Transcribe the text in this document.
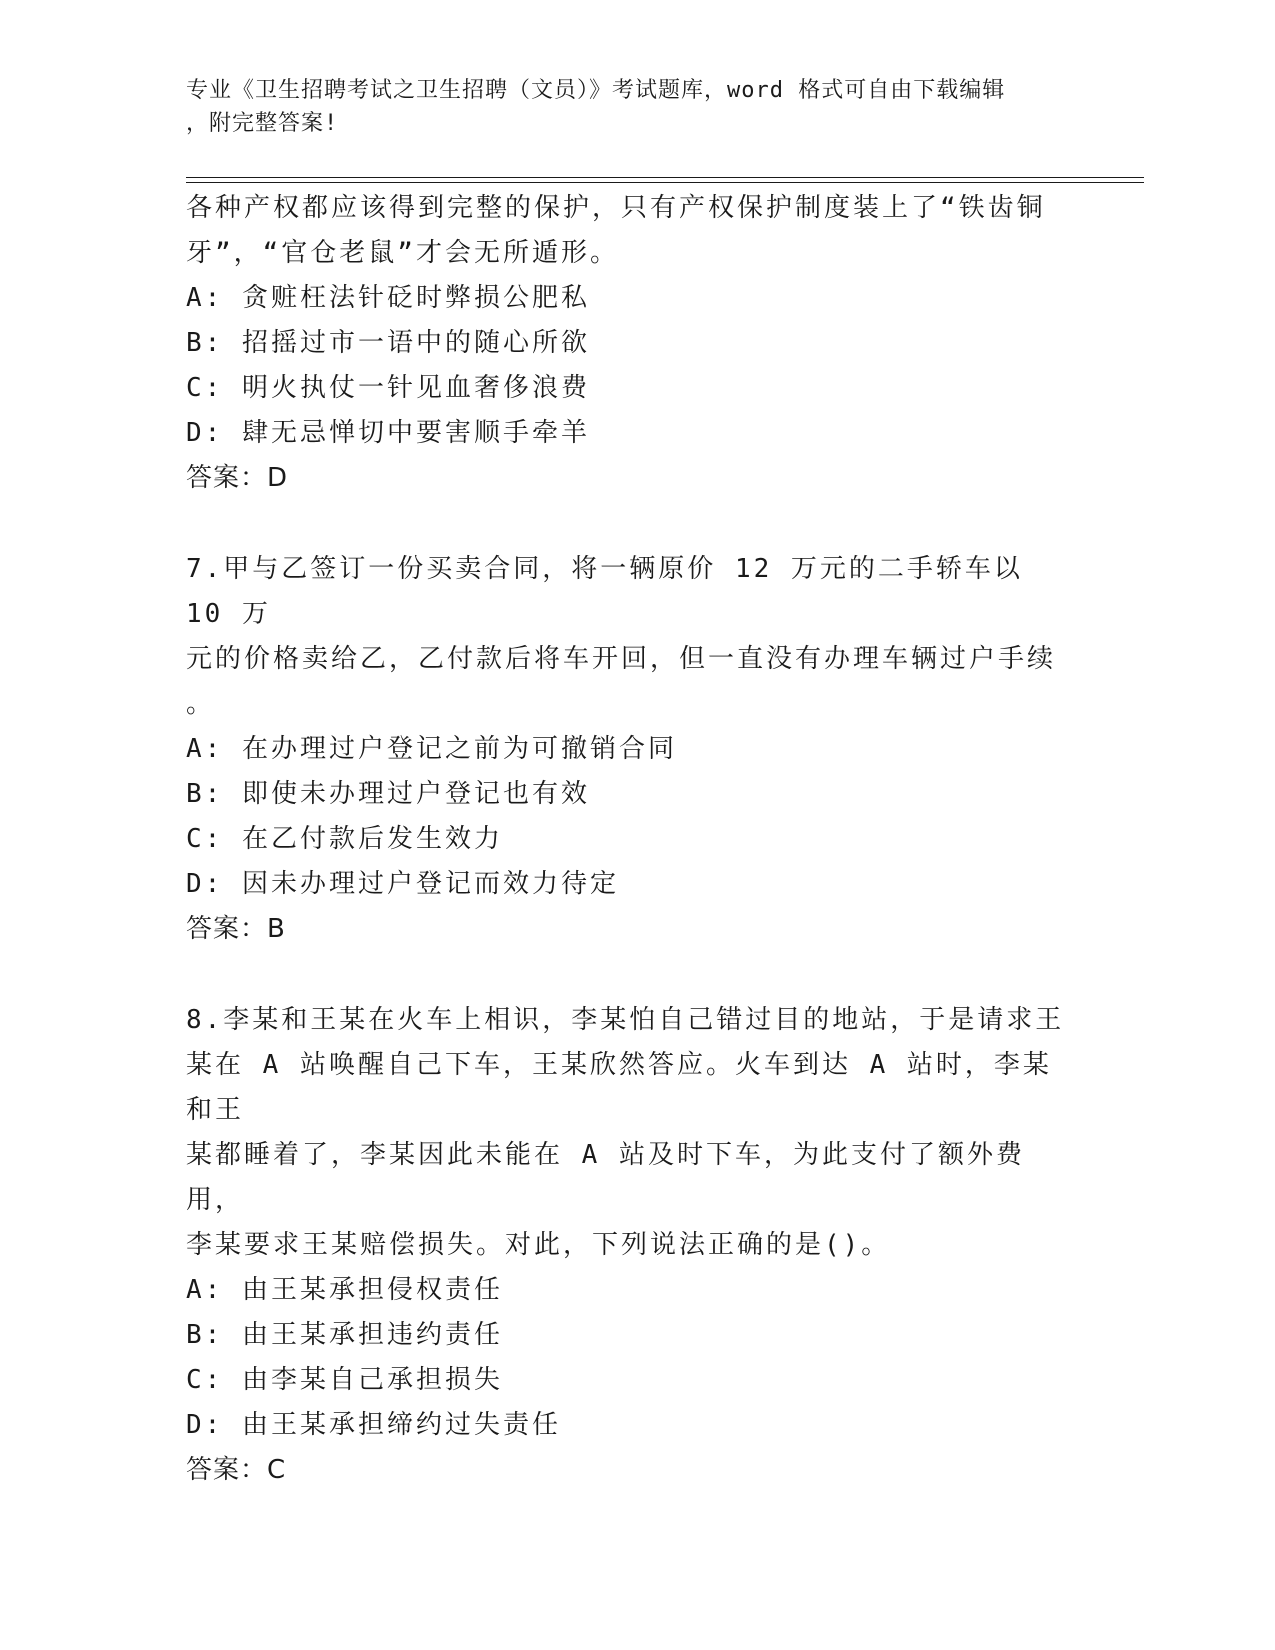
专业《卫生招聘考试之卫生招聘（文员）》考试题库，word 格式可自由下载编辑
，附完整答案!
各种产权都应该得到完整的保护，只有产权保护制度装上了“铁齿铜
牙”，“官仓老鼠”才会无所遁形。
A: 贪赃枉法针砭时弊损公肥私
B: 招摇过市一语中的随心所欲
C: 明火执仗一针见血奢侈浪费
D: 肆无忌惮切中要害顺手牵羊
答案：D
7.甲与乙签订一份买卖合同，将一辆原价 12 万元的二手轿车以 10 万
元的价格卖给乙，乙付款后将车开回，但一直没有办理车辆过户手续
。
A: 在办理过户登记之前为可撤销合同
B: 即使未办理过户登记也有效
C: 在乙付款后发生效力
D: 因未办理过户登记而效力待定
答案：B
8.李某和王某在火车上相识，李某怕自己错过目的地站，于是请求王
某在 A 站唤醒自己下车，王某欣然答应。火车到达 A 站时，李某和王
某都睡着了，李某因此未能在 A 站及时下车，为此支付了额外费用，
李某要求王某赔偿损失。对此，下列说法正确的是()。
A: 由王某承担侵权责任
B: 由王某承担违约责任
C: 由李某自己承担损失
D: 由王某承担缔约过失责任
答案：C
